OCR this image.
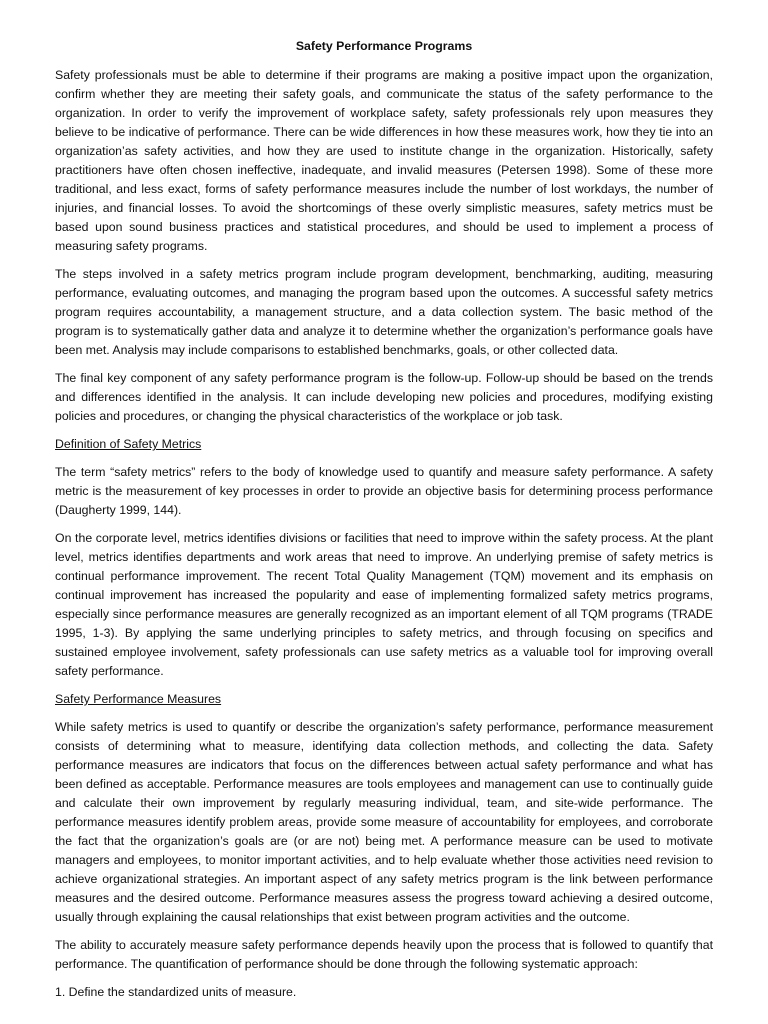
Safety Performance Programs

Safety professionals must be able to determine if their programs are making a positive impact upon the organization, confirm whether they are meeting their safety goals, and communicate the status of the safety performance to the organization. In order to verify the improvement of workplace safety, safety professionals rely upon measures they believe to be indicative of performance. There can be wide differences in how these measures work, how they tie into an organization’as safety activities, and how they are used to institute change in the organization. Historically, safety practitioners have often chosen ineffective, inadequate, and invalid measures (Petersen 1998). Some of these more traditional, and less exact, forms of safety performance measures include the number of lost workdays, the number of injuries, and financial losses. To avoid the shortcomings of these overly simplistic measures, safety metrics must be based upon sound business practices and statistical procedures, and should be used to implement a process of measuring safety programs.

The steps involved in a safety metrics program include program development, benchmarking, auditing, measuring performance, evaluating outcomes, and managing the program based upon the outcomes. A successful safety metrics program requires accountability, a management structure, and a data collection system. The basic method of the program is to systematically gather data and analyze it to determine whether the organization’s performance goals have been met. Analysis may include comparisons to established benchmarks, goals, or other collected data.

The final key component of any safety performance program is the follow-up. Follow-up should be based on the trends and differences identified in the analysis. It can include developing new policies and procedures, modifying existing policies and procedures, or changing the physical characteristics of the workplace or job task.

Definition of Safety Metrics

The term “safety metrics” refers to the body of knowledge used to quantify and measure safety performance. A safety metric is the measurement of key processes in order to provide an objective basis for determining process performance (Daugherty 1999, 144).

On the corporate level, metrics identifies divisions or facilities that need to improve within the safety process. At the plant level, metrics identifies departments and work areas that need to improve. An underlying premise of safety metrics is continual performance improvement. The recent Total Quality Management (TQM) movement and its emphasis on continual improvement has increased the popularity and ease of implementing formalized safety metrics programs, especially since performance measures are generally recognized as an important element of all TQM programs (TRADE 1995, 1-3). By applying the same underlying principles to safety metrics, and through focusing on specifics and sustained employee involvement, safety professionals can use safety metrics as a valuable tool for improving overall safety performance.

Safety Performance Measures

While safety metrics is used to quantify or describe the organization’s safety performance, performance measurement consists of determining what to measure, identifying data collection methods, and collecting the data. Safety performance measures are indicators that focus on the differences between actual safety performance and what has been defined as acceptable. Performance measures are tools employees and management can use to continually guide and calculate their own improvement by regularly measuring individual, team, and site-wide performance. The performance measures identify problem areas, provide some measure of accountability for employees, and corroborate the fact that the organization’s goals are (or are not) being met. A performance measure can be used to motivate managers and employees, to monitor important activities, and to help evaluate whether those activities need revision to achieve organizational strategies. An important aspect of any safety metrics program is the link between performance measures and the desired outcome. Performance measures assess the progress toward achieving a desired outcome, usually through explaining the causal relationships that exist between program activities and the outcome.

The ability to accurately measure safety performance depends heavily upon the process that is followed to quantify that performance. The quantification of performance should be done through the following systematic approach:

1. Define the standardized units of measure.
